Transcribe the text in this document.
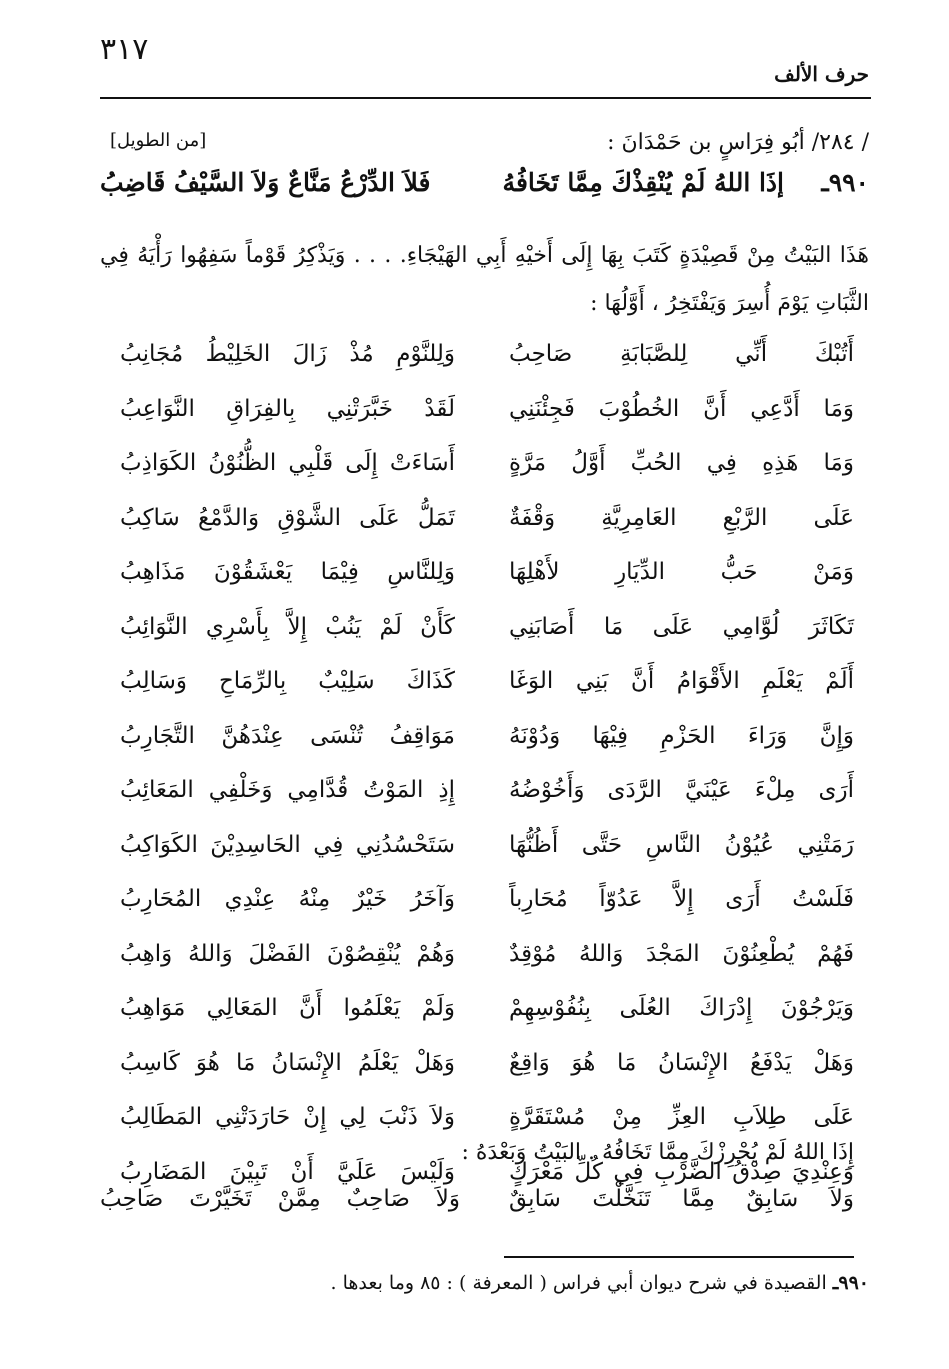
٣١٧
حرف الألف
/ ٢٨٤/ أبُو فِرَاسٍ بن حَمْدَانَ :
[من الطويل]
٩٩٠ـ
إذَا اللهُ لَمْ يُنْقِذْكَ مِمَّا تَخَافُهُ
فَلاَ الدِّرْعُ مَنَّاعٌ وَلاَ السَّيْفُ قَاضِبُ
هَذَا البَيْتُ مِنْ قَصِيْدَةٍ كَتَبَ بِهَا إِلَى أَخيْهِ أَبِي الهَيْجَاءِ. . . . وَيَذْكِرُ قَوْماً سَفِهُوا رَأْيَهُ فِي الثَّبَاتِ يَوْمَ أُسِرَ وَيَفْتَخِرُ ، أَوَّلُهَا :
أَتُبْكَ أَنِّي لِلصَّبَابَةِ صَاحِبُ
وَلِلنَّوْمِ مُذْ زَالَ الخَلِيْطُ مُجَانِبُ
وَمَا أَدَّعِي أَنَّ الخُطُوْبَ فَجِئْنَنِي
لَقَدْ خَبَّرَتْنِي بِالفِرَاقِ النَّوَاعِبُ
وَمَا هَذِهِ فِي الحُبِّ أَوَّلُ مَرَّةٍ
أَسَاءَتْ إِلَى قَلْبِي الظُّنُوْنُ الكَوَاذِبُ
عَلَى الرَّبْعِ العَامِرِيَّةِ وَقْفَةٌ
تَمَلُّ عَلَى الشَّوْقِ وَالدَّمْعُ سَاكِبُ
وَمَنْ حَبُّ الدِّيَارِ لأَهْلِهَا
وَلِلنَّاسِ فِيْمَا يَعْشَقُوْنَ مَذَاهِبُ
تَكَاثَرَ لُوَّامِي عَلَى مَا أَصَابَنِي
كَأَنْ لَمْ يَنُبْ إِلاَّ بِأَسْرِي النَّوَائِبُ
أَلَمْ يَعْلَمِ الأَقْوَامُ أَنَّ بَنِي الوَغَا
كَذَاكَ سَلِيْبٌ بِالرِّمَاحِ وَسَالِبُ
وَإِنَّ وَرَاءَ الحَزْمِ فِيْهَا وَدُوْنَهُ
مَوَاقِفُ تُنْسَى عِنْدَهُنَّ التَّجَارِبُ
أَرَى مِلْءَ عَيْنَيَّ الرَّدَى وَأَخُوْضُهُ
إِذِ المَوْتُ قُدَّامِي وَخَلْفِي المَعَائِبُ
رَمَتْنِي عُيُوْنُ النَّاسِ حَتَّى أَظُنُّهَا
سَتَحْسُدُنِي فِي الحَاسِدِيْنَ الكَوَاكِبُ
فَلَسْتُ أَرَى إِلاَّ عَدُوّاً مُحَارِباً
وَآخَرُ خَيْرٌ مِنْهُ عِنْدِي المُحَارِبُ
فَهُمْ يُطْعِنُوْنَ المَجْدَ وَاللهُ مُوْقِدٌ
وَهُمْ يُنْقِصُوْنَ الفَضْلَ وَاللهُ وَاهِبُ
وَيَرْجُوْنَ إِدْرَاكَ العُلَى بِنُفُوْسِهِمْ
وَلَمْ يَعْلَمُوا أَنَّ المَعَالِي مَوَاهِبُ
وَهَلْ يَدْفَعُ الإِنْسَانُ مَا هُوَ وَاقِعٌ
وَهَلْ يَعْلَمُ الإِنْسَانُ مَا هُوَ كَاسِبُ
عَلَى طِلاَبِ العِزِّ مِنْ مُسْتَقَرَّةٍ
وَلاَ ذَنْبَ لِي إِنْ حَارَدَتْنِي المَطَالِبُ
وَعِنْدِيَ صِدْقُ الضَّرْبِ فِي كُلِّ مَعْرَكٍ
وَلَيْسَ عَلَيَّ أَنْ تَبِيْنَ المَضَارِبُ
إِذَا اللهُ لَمْ يُحْرِزْكَ مِمَّا تَخَافُهُ . البَيْتُ وَبَعْدَهُ :
وَلاَ سَابِقٌ مِمَّا تَنَخَّلْتَ سَابِقٌ
وَلاَ صَاحِبٌ مِمَّنْ تَخَيَّرْتَ صَاحِبُ
٩٩٠ـ القصيدة في شرح ديوان أبي فراس ( المعرفة ) : ٨٥ وما بعدها .
